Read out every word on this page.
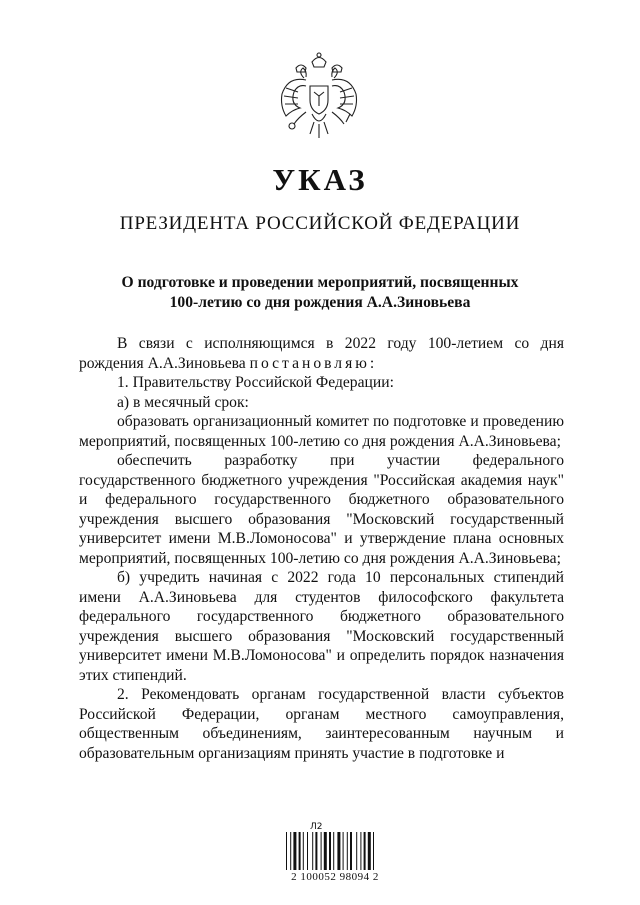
УКАЗ
ПРЕЗИДЕНТА РОССИЙСКОЙ ФЕДЕРАЦИИ
О подготовке и проведении мероприятий, посвященных
100-летию со дня рождения А.А.Зиновьева

В связи с исполняющимся в 2022 году 100-летием со дня рождения А.А.Зиновьева постановляю:

1. Правительству Российской Федерации:

а) в месячный срок:

образовать организационный комитет по подготовке и проведению мероприятий, посвященных 100-летию со дня рождения А.А.Зиновьева;

обеспечить разработку при участии федерального государственного бюджетного учреждения "Российская академия наук" и федерального государственного бюджетного образовательного учреждения высшего образования "Московский государственный университет имени М.В.Ломоносова" и утверждение плана основных мероприятий, посвященных 100-летию со дня рождения А.А.Зиновьева;

б) учредить начиная с 2022 года 10 персональных стипендий имени А.А.Зиновьева для студентов философского факультета федерального государственного бюджетного образовательного учреждения высшего образования "Московский государственный университет имени М.В.Ломоносова" и определить порядок назначения этих стипендий.

2. Рекомендовать органам государственной власти субъектов Российской Федерации, органам местного самоуправления, общественным объединениям, заинтересованным научным и образовательным организациям принять участие в подготовке и

Л2
2 100052 98094 2
